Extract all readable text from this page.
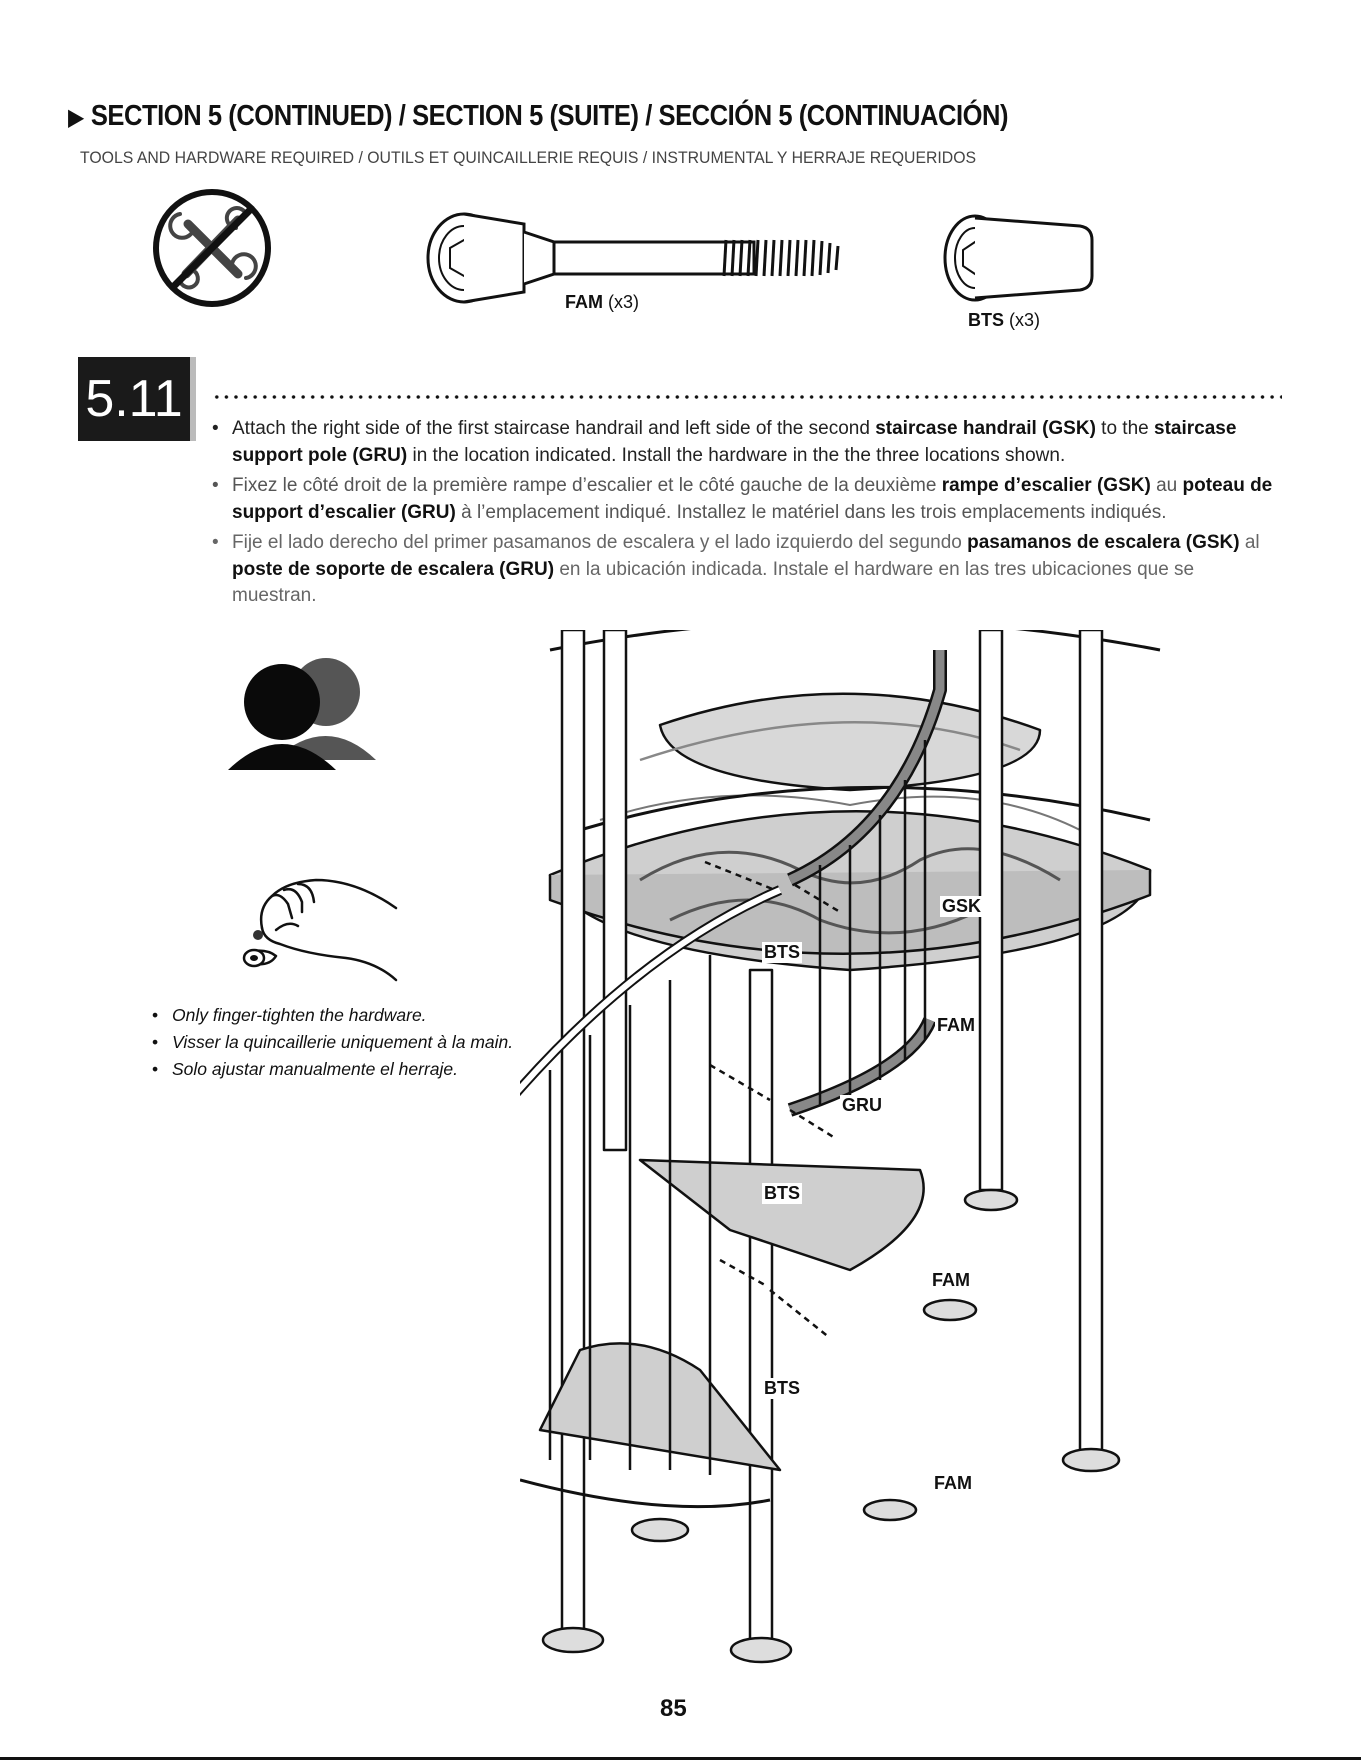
▶ SECTION 5 (CONTINUED) / SECTION 5 (SUITE) / SECCIÓN 5 (CONTINUACIÓN)
TOOLS AND HARDWARE REQUIRED / OUTILS ET QUINCAILLERIE REQUIS / INSTRUMENTAL Y HERRAJE REQUERIDOS
FAM (x3)
BTS (x3)
5.11

• Attach the right side of the first staircase handrail and left side of the second staircase handrail (GSK) to the staircase support pole (GRU) in the location indicated. Install the hardware in the the three locations shown.

• Fixez le côté droit de la première rampe d’escalier et le côté gauche de la deuxième rampe d’escalier (GSK) au poteau de support d’escalier (GRU) à l’emplacement indiqué. Installez le matériel dans les trois emplacements indiqués.

• Fije el lado derecho del primer pasamanos de escalera y el lado izquierdo del segundo pasamanos de escalera (GSK) al poste de soporte de escalera (GRU) en la ubicación indicada. Instale el hardware en las tres ubicaciones que se muestran.

• Only finger-tighten the hardware.

• Visser la quincaillerie uniquement à la main.

• Solo ajustar manualmente el herraje.

GSK
BTS
FAM
GRU
BTS
FAM
BTS
FAM
85
